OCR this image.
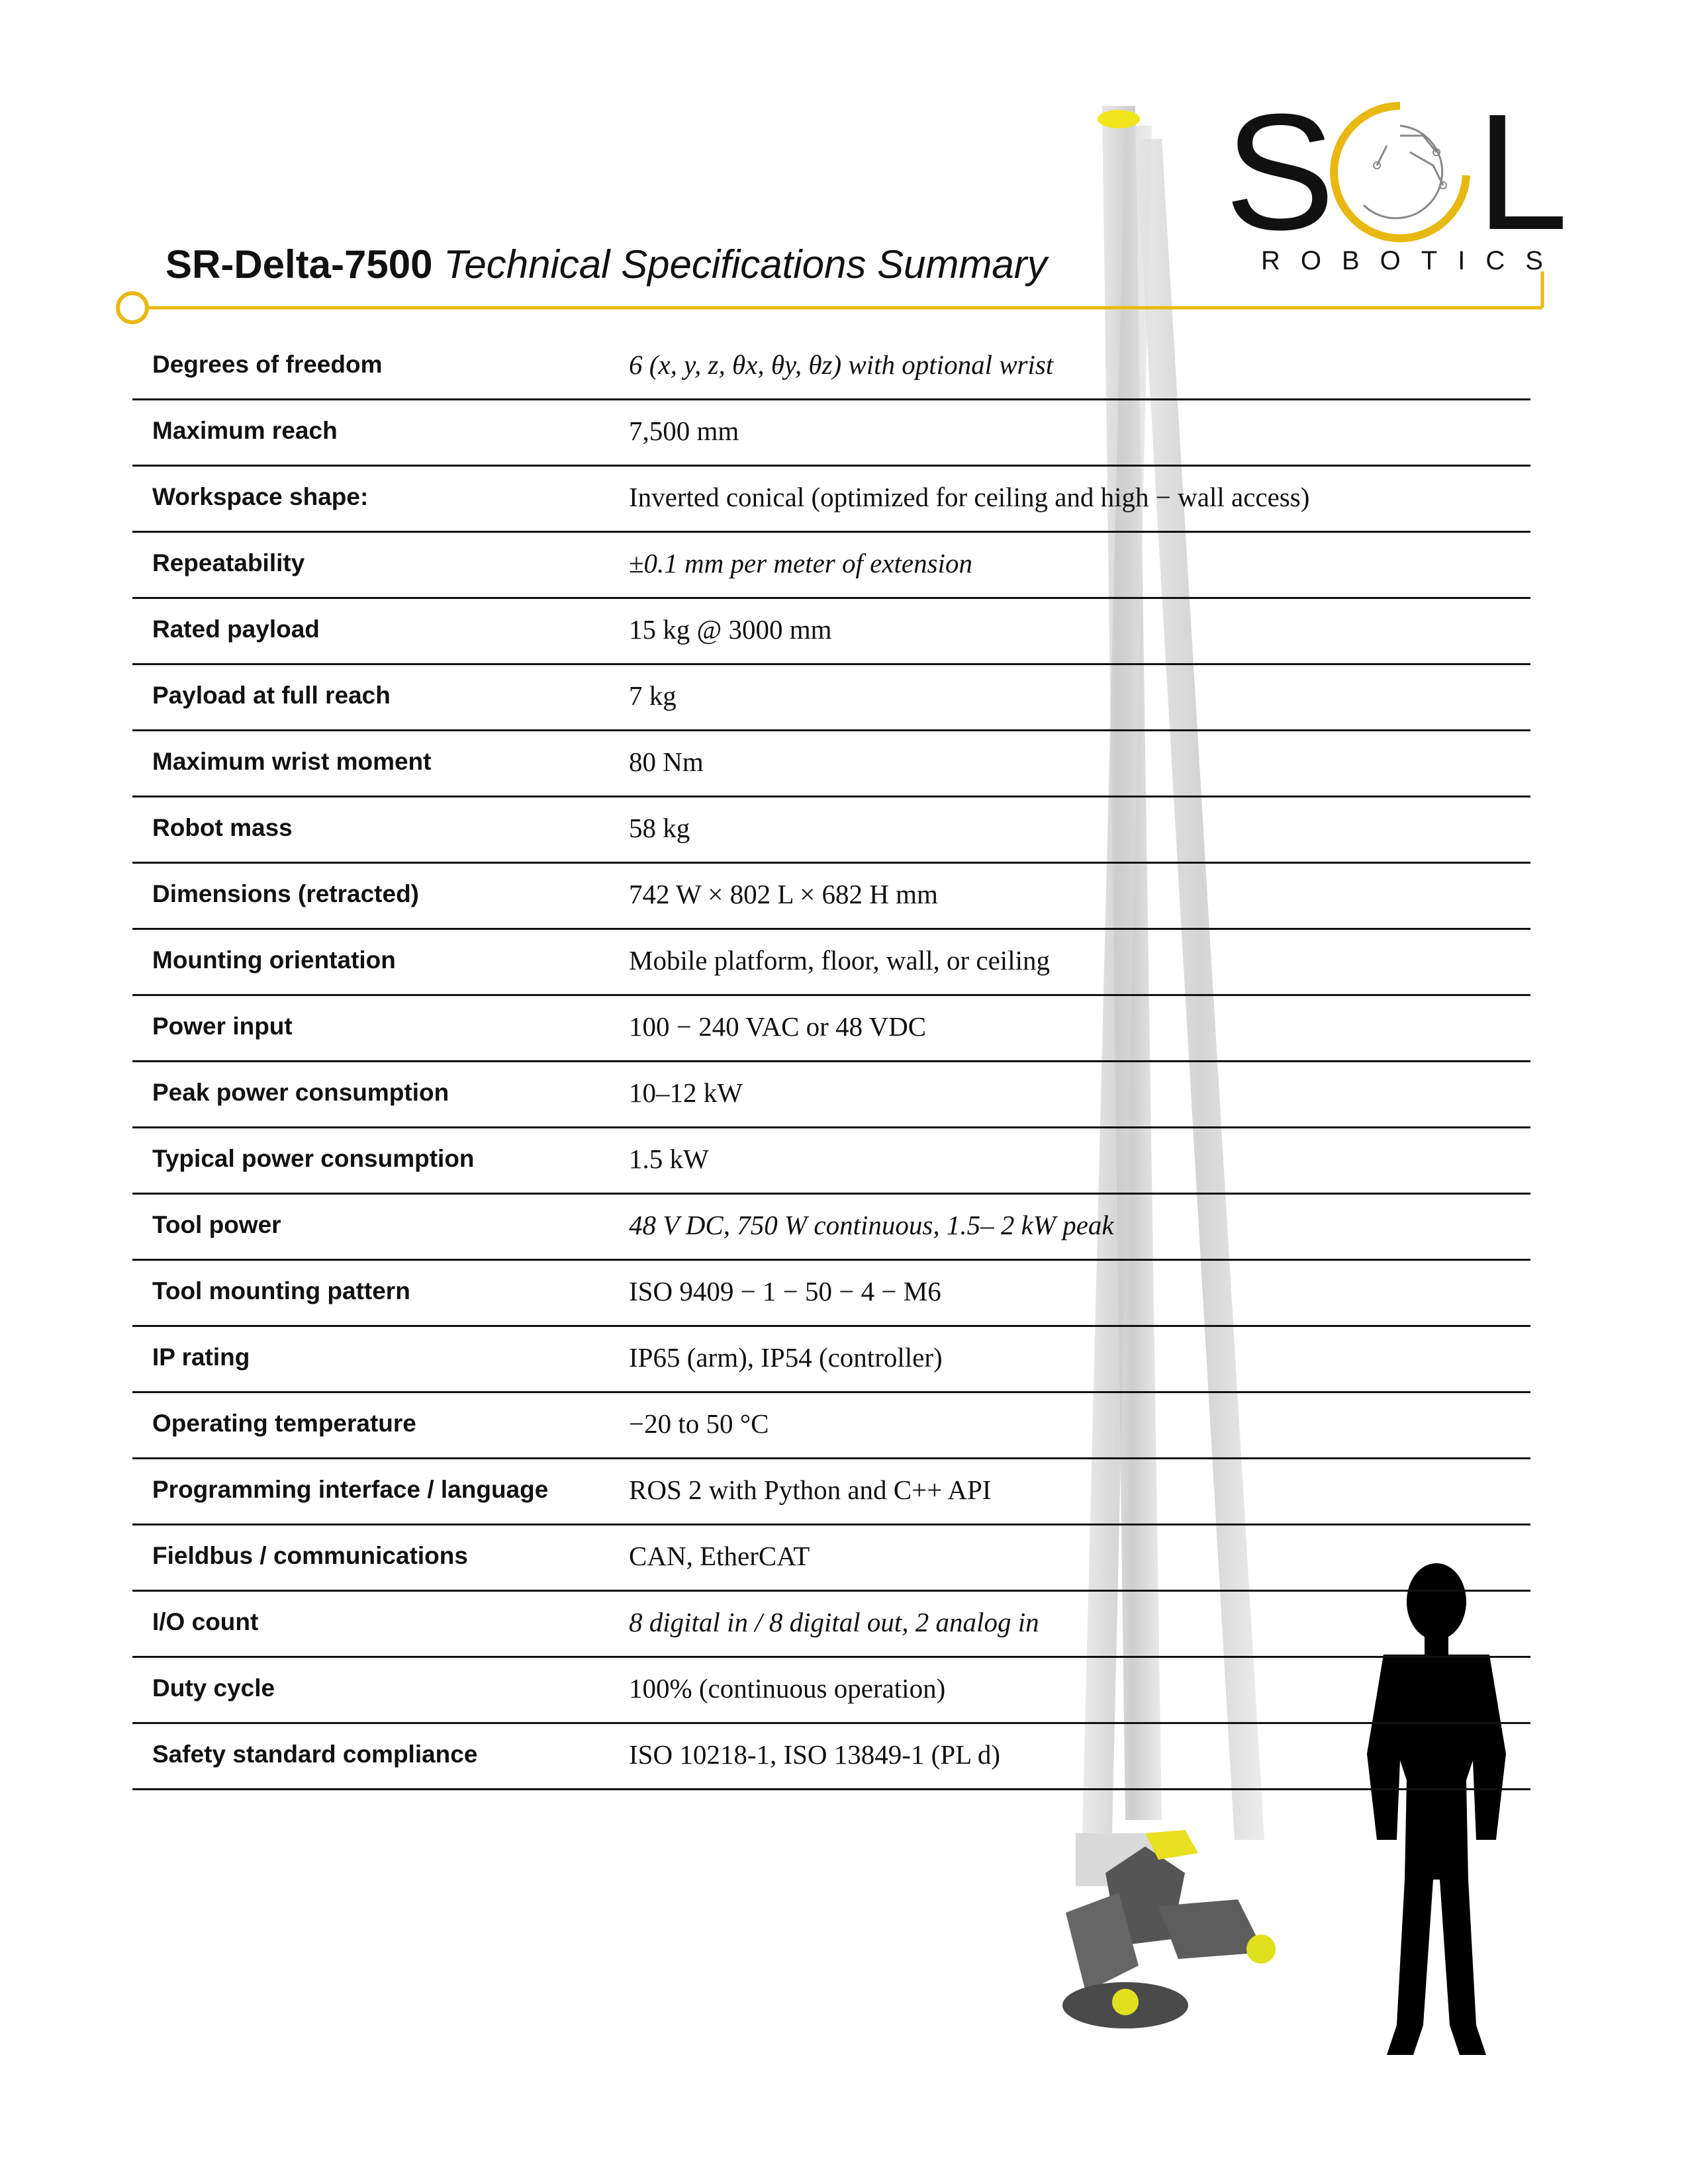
S L
ROBOTICS
SR-Delta-7500 Technical Specifications Summary
Degrees of freedom	6 (x, y, z, θx, θy, θz) with optional wrist
Maximum reach	7,500 mm
Workspace shape:	Inverted conical (optimized for ceiling and high − wall access)
Repeatability	±0.1 mm per meter of extension
Rated payload	15 kg @ 3000 mm
Payload at full reach	7 kg
Maximum wrist moment	80 Nm
Robot mass	58 kg
Dimensions (retracted)	742 W × 802 L × 682 H mm
Mounting orientation	Mobile platform, floor, wall, or ceiling
Power input	100 − 240 VAC or 48 VDC
Peak power consumption	10–12 kW
Typical power consumption	1.5 kW
Tool power	48 V DC, 750 W continuous, 1.5– 2 kW peak
Tool mounting pattern	ISO 9409 − 1 − 50 − 4 − M6
IP rating	IP65 (arm), IP54 (controller)
Operating temperature	−20 to 50 °C
Programming interface / language	ROS 2 with Python and C++ API
Fieldbus / communications	CAN, EtherCAT
I/O count	8 digital in / 8 digital out, 2 analog in
Duty cycle	100% (continuous operation)
Safety standard compliance	ISO 10218-1, ISO 13849-1 (PL d)
